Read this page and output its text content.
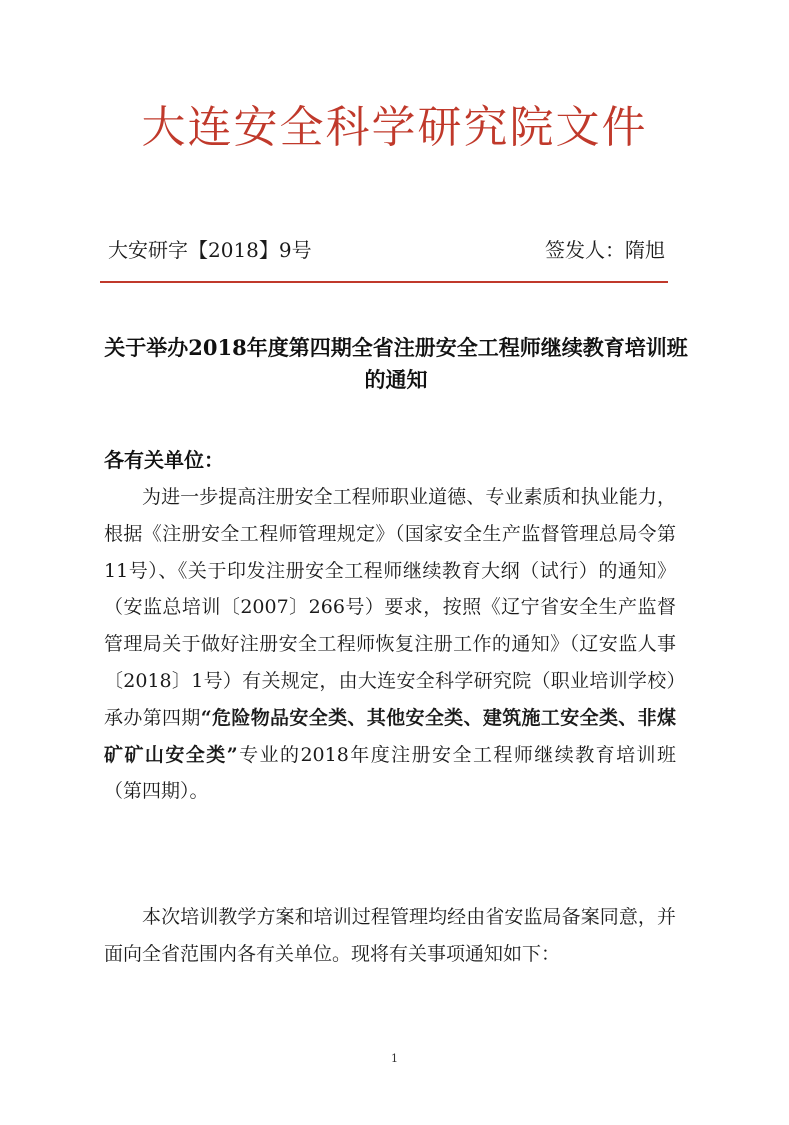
大连安全科学研究院文件
大安研字【2018】9号	签发人：隋旭
关于举办2018年度第四期全省注册安全工程师继续教育培训班的通知
各有关单位：
为进一步提高注册安全工程师职业道德、专业素质和执业能力，根据《注册安全工程师管理规定》（国家安全生产监督管理总局令第11号）、《关于印发注册安全工程师继续教育大纲（试行）的通知》（安监总培训〔2007〕266号）要求，按照《辽宁省安全生产监督管理局关于做好注册安全工程师恢复注册工作的通知》（辽安监人事〔2018〕1号）有关规定，由大连安全科学研究院（职业培训学校）承办第四期“危险物品安全类、其他安全类、建筑施工安全类、非煤矿矿山安全类”专业的2018年度注册安全工程师继续教育培训班（第四期）。
本次培训教学方案和培训过程管理均经由省安监局备案同意，并面向全省范围内各有关单位。现将有关事项通知如下：
1
